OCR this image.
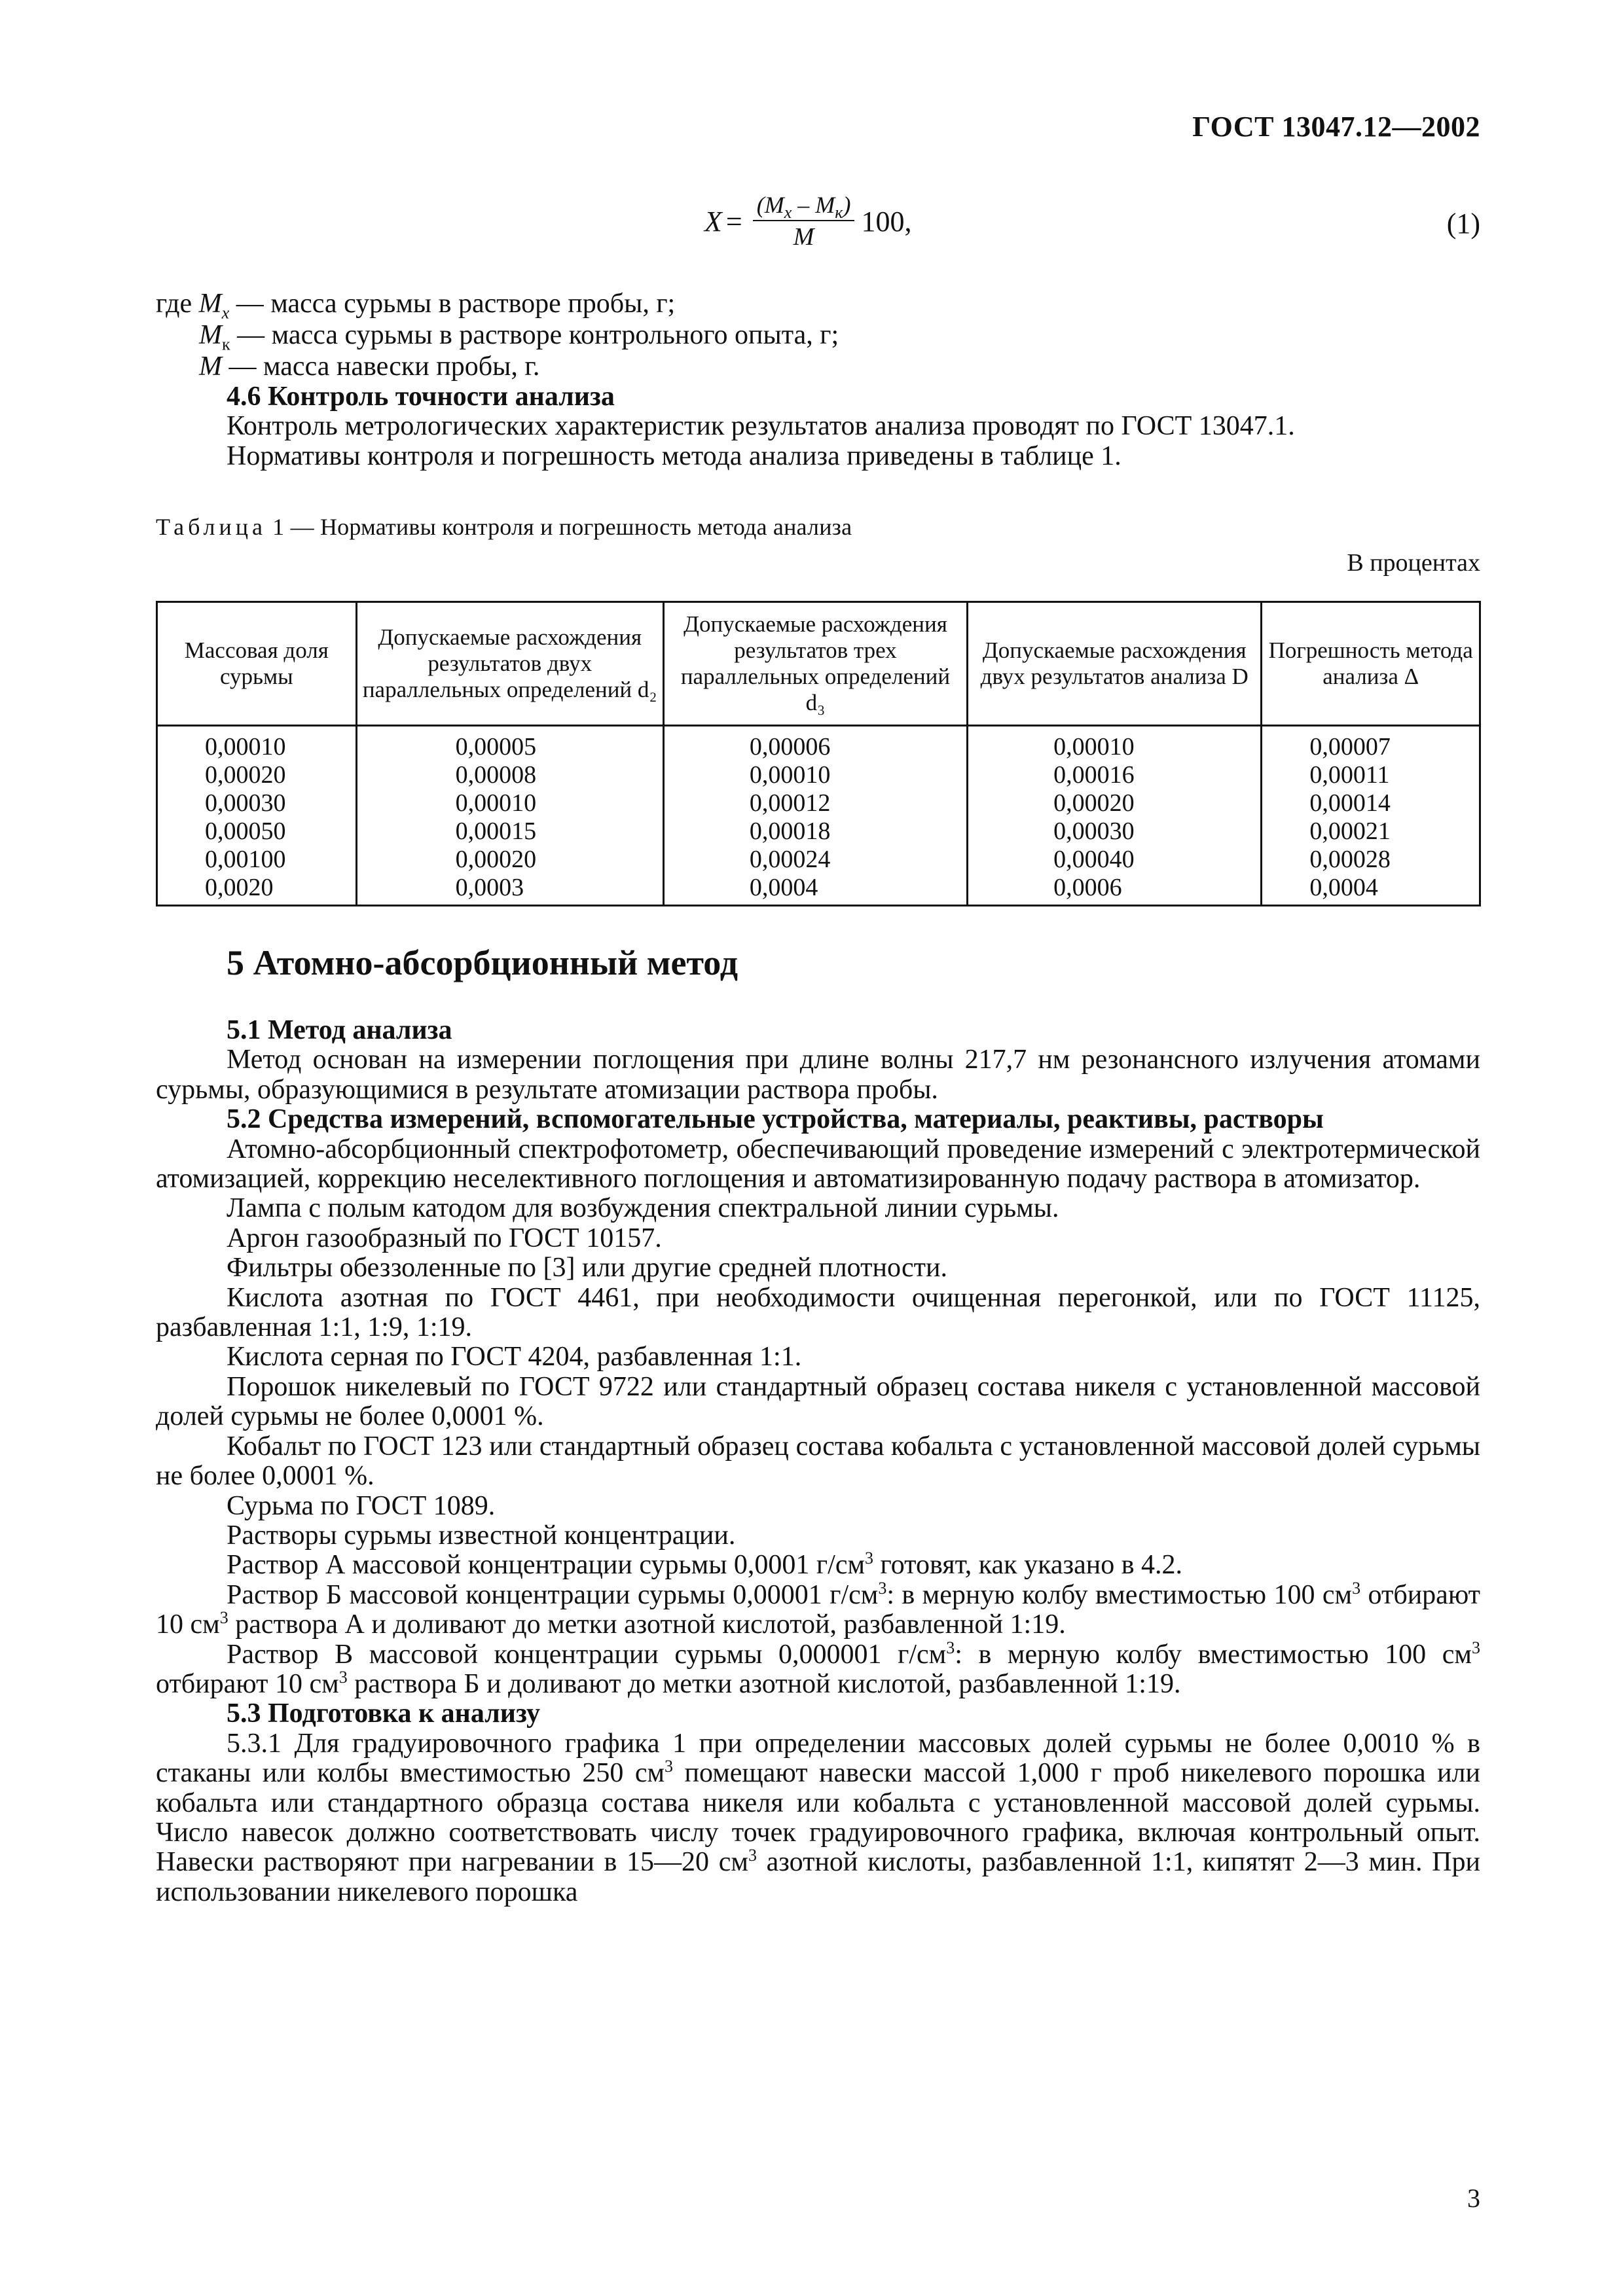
ГОСТ 13047.12—2002
$X = \frac{(M_x - M_к)}{M} 100$,	(1)
где $M_x$ — масса сурьмы в растворе пробы, г;
$M_к$ — масса сурьмы в растворе контрольного опыта, г;
M — масса навески пробы, г.
4.6 Контроль точности анализа

Контроль метрологических характеристик результатов анализа проводят по ГОСТ 13047.1.

Нормативы контроля и погрешность метода анализа приведены в таблице 1.

Таблица 1 — Нормативы контроля и погрешность метода анализа
В процентах
Массовая доля сурьмы	Допускаемые расхождения результатов двух параллельных определений d₂	Допускаемые расхождения результатов трех параллельных определений d₃	Допускаемые расхождения двух результатов анализа D	Погрешность метода анализа Δ
0,00010	0,00005	0,00006	0,00010	0,00007
0,00020	0,00008	0,00010	0,00016	0,00011
0,00030	0,00010	0,00012	0,00020	0,00014
0,00050	0,00015	0,00018	0,00030	0,00021
0,00100	0,00020	0,00024	0,00040	0,00028
0,0020	0,0003	0,0004	0,0006	0,0004
5 Атомно-абсорбционный метод
5.1 Метод анализа

Метод основан на измерении поглощения при длине волны 217,7 нм резонансного излучения атомами сурьмы, образующимися в результате атомизации раствора пробы.

5.2 Средства измерений, вспомогательные устройства, материалы, реактивы, растворы

Атомно-абсорбционный спектрофотометр, обеспечивающий проведение измерений с электротермической атомизацией, коррекцию неселективного поглощения и автоматизированную подачу раствора в атомизатор.

Лампа с полым катодом для возбуждения спектральной линии сурьмы.

Аргон газообразный по ГОСТ 10157.

Фильтры обеззоленные по [3] или другие средней плотности.

Кислота азотная по ГОСТ 4461, при необходимости очищенная перегонкой, или по ГОСТ 11125, разбавленная 1:1, 1:9, 1:19.

Кислота серная по ГОСТ 4204, разбавленная 1:1.

Порошок никелевый по ГОСТ 9722 или стандартный образец состава никеля с установленной массовой долей сурьмы не более 0,0001 %.

Кобальт по ГОСТ 123 или стандартный образец состава кобальта с установленной массовой долей сурьмы не более 0,0001 %.

Сурьма по ГОСТ 1089.

Растворы сурьмы известной концентрации.

Раствор А массовой концентрации сурьмы 0,0001 $г/см^3$ готовят, как указано в 4.2.

Раствор Б массовой концентрации сурьмы 0,00001 $г/см^3$: в мерную колбу вместимостью 100 $см^3$ отбирают 10 $см^3$ раствора А и доливают до метки азотной кислотой, разбавленной 1:19.

Раствор В массовой концентрации сурьмы 0,000001 $г/см^3$: в мерную колбу вместимостью 100 $см^3$ отбирают 10 $см^3$ раствора Б и доливают до метки азотной кислотой, разбавленной 1:19.

5.3 Подготовка к анализу

5.3.1 Для градуировочного графика 1 при определении массовых долей сурьмы не более 0,0010 % в стаканы или колбы вместимостью 250 $см^3$ помещают навески массой 1,000 г проб никелевого порошка или кобальта или стандартного образца состава никеля или кобальта с установленной массовой долей сурьмы. Число навесок должно соответствовать числу точек градуировочного графика, включая контрольный опыт. Навески растворяют при нагревании в 15—20 $см^3$ азотной кислоты, разбавленной 1:1, кипятят 2—3 мин. При использовании никелевого порошка

3
